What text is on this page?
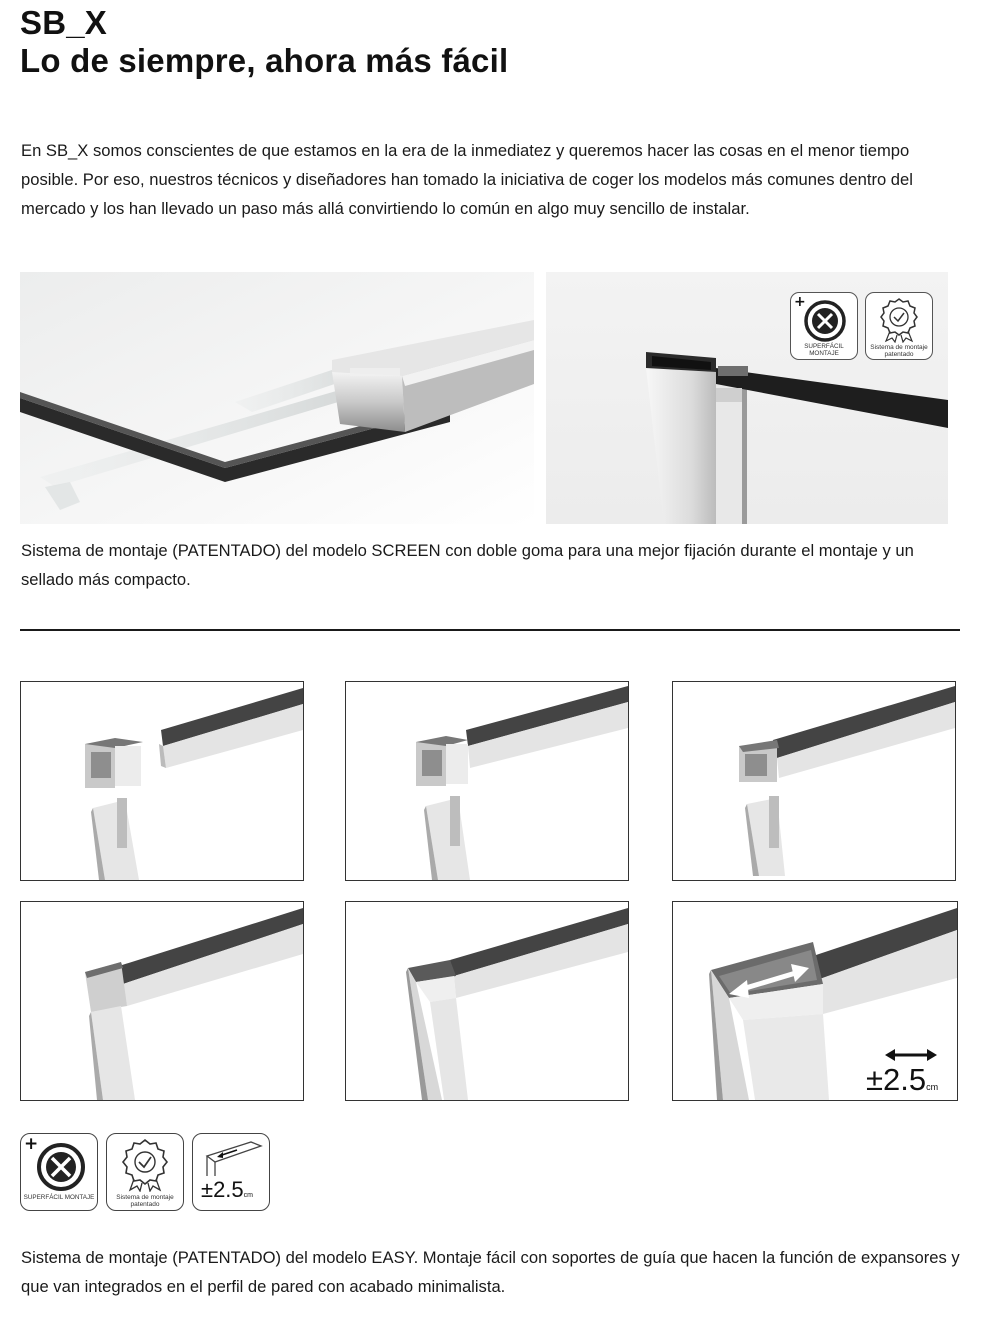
SB_X
Lo de siempre, ahora más fácil
En SB_X somos conscientes de que estamos en la era de la inmediatez y queremos hacer las cosas en el menor tiempo posible. Por eso, nuestros técnicos y diseñadores han tomado la iniciativa de coger los modelos más comunes dentro del mercado y los han llevado un paso más allá convirtiendo lo común en algo muy sencillo de instalar.
+
SUPERFÁCIL MONTAJE
Sistema de montaje patentado
Sistema de montaje (PATENTADO) del modelo SCREEN con doble goma para una mejor fijación durante el montaje y un sellado más compacto.
±2.5cm
+
SUPERFÁCIL MONTAJE	Sistema de montaje patentado
±2.5cm
Sistema de montaje (PATENTADO) del modelo EASY. Montaje fácil con soportes de guía que hacen la función de expansores y que van integrados en el perfil de pared con acabado minimalista.
